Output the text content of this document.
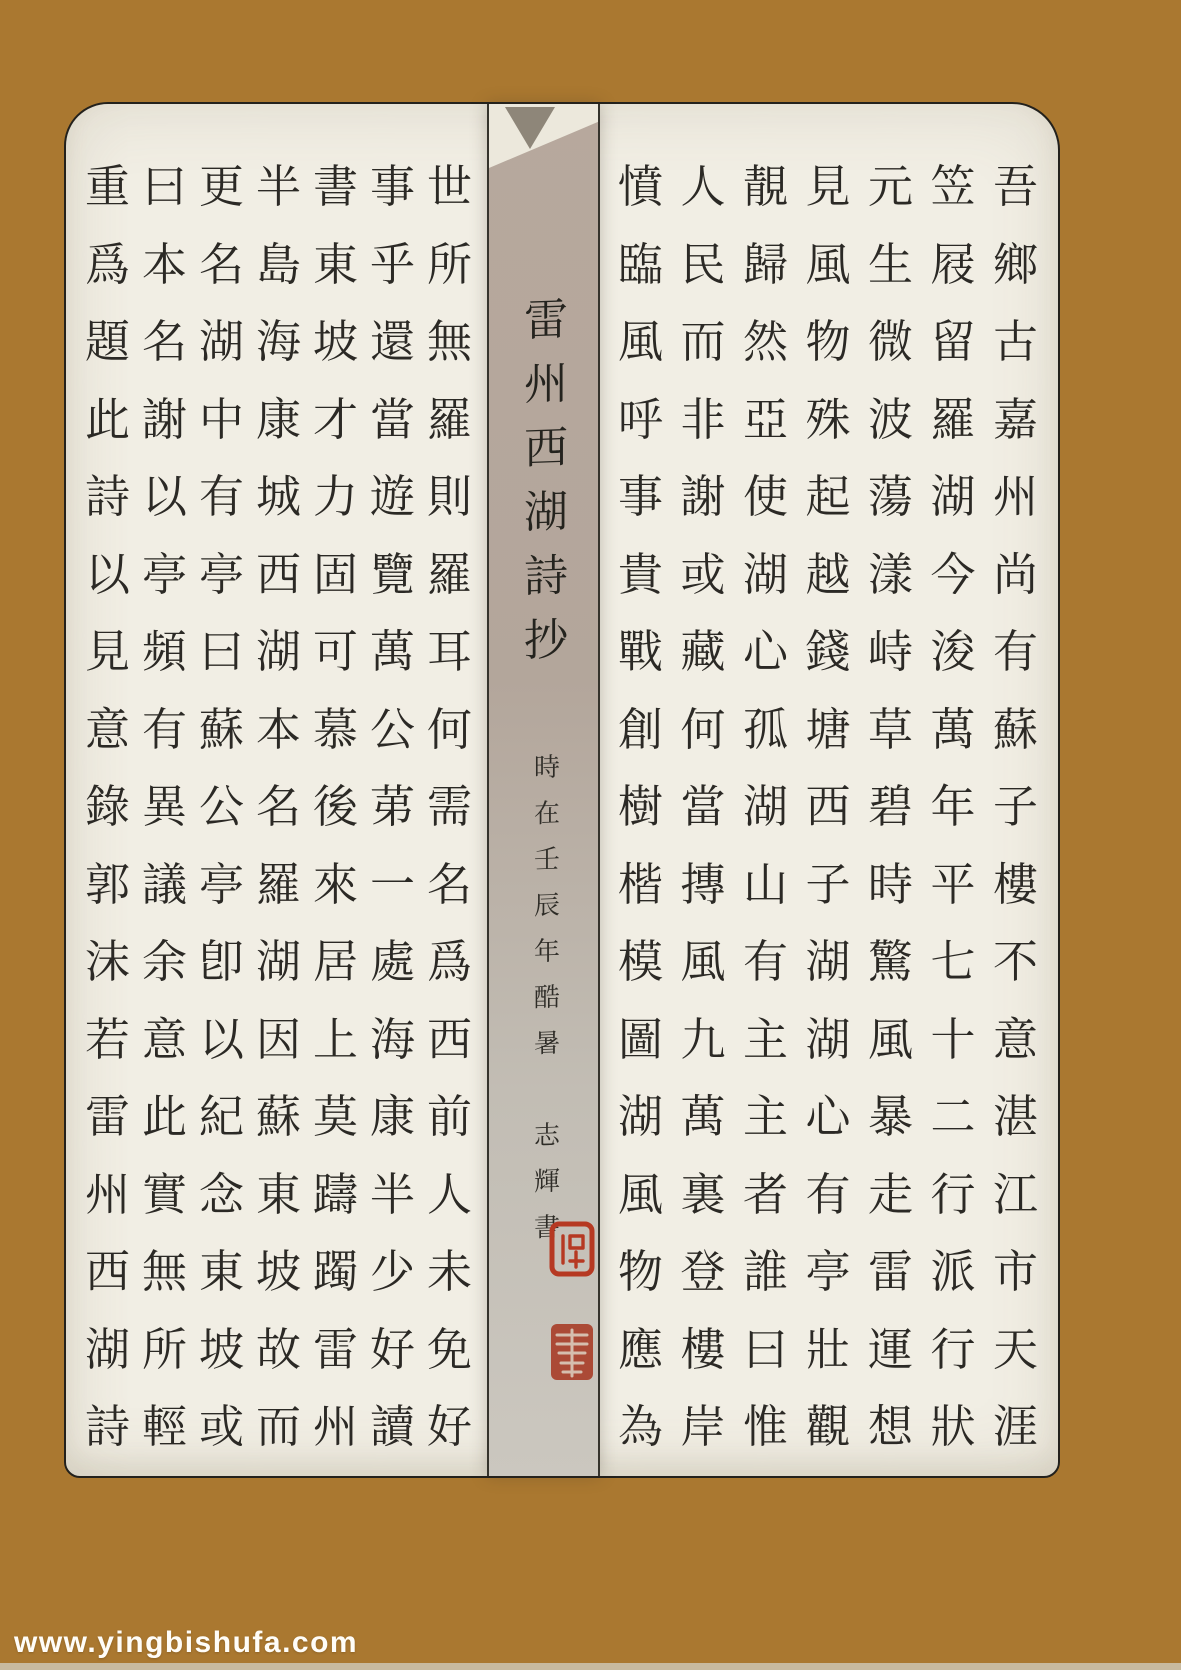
世
所
無
羅
則
羅
耳
何
需
名
爲
西
前
人
未
免
好
事
乎
還
當
遊
覽
萬
公
苐
一
處
海
康
半
少
好
讀
書
東
坡
才
力
固
可
慕
後
來
居
上
莫
躊
躅
雷
州
半
島
海
康
城
西
湖
本
名
羅
湖
因
蘇
東
坡
故
而
更
名
湖
中
有
亭
曰
蘇
公
亭
卽
以
紀
念
東
坡
或
曰
本
名
謝
以
亭
頻
有
異
議
余
意
此
實
無
所
輕
重
爲
題
此
詩
以
見
意
錄
郭
沫
若
雷
州
西
湖
詩
吾
鄉
古
嘉
州
尚
有
蘇
子
樓
不
意
湛
江
市
天
涯
笠
屐
留
羅
湖
今
浚
萬
年
平
七
十
二
行
派
行
狀
元
生
微
波
蕩
漾
峙
草
碧
時
驚
風
暴
走
雷
運
想
見
風
物
殊
起
越
錢
塘
西
子
湖
湖
心
有
亭
壯
觀
靚
歸
然
亞
使
湖
心
孤
湖
山
有
主
主
者
誰
曰
惟
人
民
而
非
謝
或
藏
何
當
摶
風
九
萬
裏
登
樓
岸
憤
臨
風
呼
事
貴
戰
創
樹
楷
模
圖
湖
風
物
應
為
雷
州
西
湖
詩
抄
時
在
壬
辰
年
酷
暑
志
輝
書
www.yingbishufa.com
